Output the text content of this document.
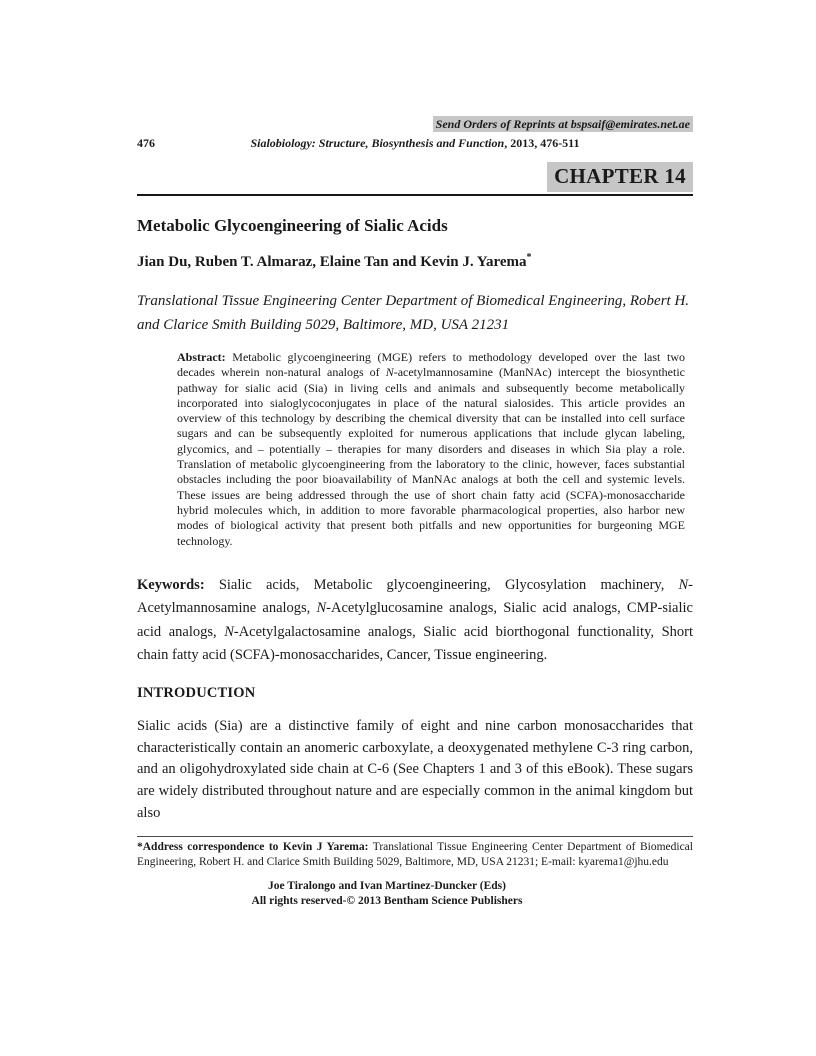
Send Orders of Reprints at bspsaif@emirates.net.ae
476	Sialobiology: Structure, Biosynthesis and Function, 2013, 476-511
CHAPTER 14
Metabolic Glycoengineering of Sialic Acids
Jian Du, Ruben T. Almaraz, Elaine Tan and Kevin J. Yarema*
Translational Tissue Engineering Center Department of Biomedical Engineering, Robert H. and Clarice Smith Building 5029, Baltimore, MD, USA 21231

Abstract: Metabolic glycoengineering (MGE) refers to methodology developed over the last two decades wherein non-natural analogs of N-acetylmannosamine (ManNAc) intercept the biosynthetic pathway for sialic acid (Sia) in living cells and animals and subsequently become metabolically incorporated into sialoglycoconjugates in place of the natural sialosides. This article provides an overview of this technology by describing the chemical diversity that can be installed into cell surface sugars and can be subsequently exploited for numerous applications that include glycan labeling, glycomics, and – potentially – therapies for many disorders and diseases in which Sia play a role. Translation of metabolic glycoengineering from the laboratory to the clinic, however, faces substantial obstacles including the poor bioavailability of ManNAc analogs at both the cell and systemic levels. These issues are being addressed through the use of short chain fatty acid (SCFA)-monosaccharide hybrid molecules which, in addition to more favorable pharmacological properties, also harbor new modes of biological activity that present both pitfalls and new opportunities for burgeoning MGE technology.

Keywords: Sialic acids, Metabolic glycoengineering, Glycosylation machinery, N-Acetylmannosamine analogs, N-Acetylglucosamine analogs, Sialic acid analogs, CMP-sialic acid analogs, N-Acetylgalactosamine analogs, Sialic acid biorthogonal functionality, Short chain fatty acid (SCFA)-monosaccharides, Cancer, Tissue engineering.

INTRODUCTION

Sialic acids (Sia) are a distinctive family of eight and nine carbon monosaccharides that characteristically contain an anomeric carboxylate, a deoxygenated methylene C-3 ring carbon, and an oligohydroxylated side chain at C-6 (See Chapters 1 and 3 of this eBook). These sugars are widely distributed throughout nature and are especially common in the animal kingdom but also

*Address correspondence to Kevin J Yarema: Translational Tissue Engineering Center Department of Biomedical Engineering, Robert H. and Clarice Smith Building 5029, Baltimore, MD, USA 21231; E-mail: kyarema1@jhu.edu

Joe Tiralongo and Ivan Martinez-Duncker (Eds)
All rights reserved-© 2013 Bentham Science Publishers
